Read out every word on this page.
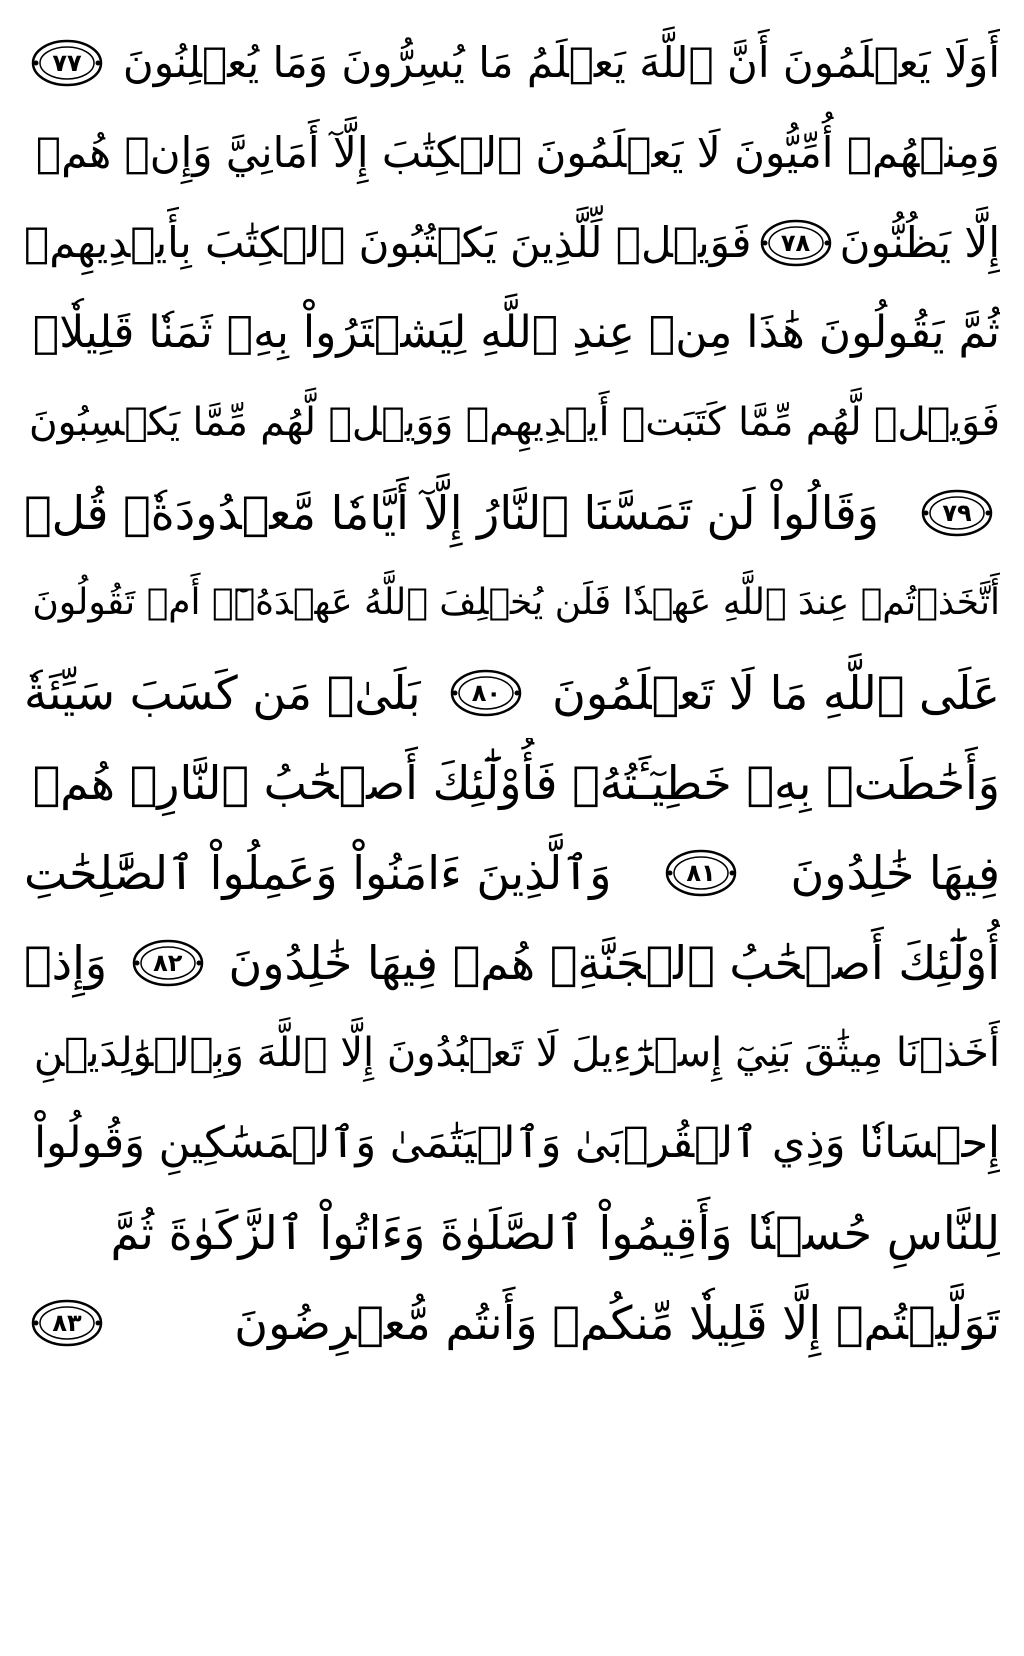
أَوَلَا يَعۡلَمُونَ أَنَّ ٱللَّهَ يَعۡلَمُ مَا يُسِرُّونَ وَمَا يُعۡلِنُونَ
٧٧
وَمِنۡهُمۡ أُمِّيُّونَ لَا يَعۡلَمُونَ ٱلۡكِتَٰبَ إِلَّآ أَمَانِيَّ وَإِنۡ هُمۡ
إِلَّا يَظُنُّونَ
٧٨
فَوَيۡلٞ لِّلَّذِينَ يَكۡتُبُونَ ٱلۡكِتَٰبَ بِأَيۡدِيهِمۡ
ثُمَّ يَقُولُونَ هَٰذَا مِنۡ عِندِ ٱللَّهِ لِيَشۡتَرُواْ بِهِۦ ثَمَنٗا قَلِيلٗاۖ
فَوَيۡلٞ لَّهُم مِّمَّا كَتَبَتۡ أَيۡدِيهِمۡ وَوَيۡلٞ لَّهُم مِّمَّا يَكۡسِبُونَ
٧٩
وَقَالُواْ لَن تَمَسَّنَا ٱلنَّارُ إِلَّآ أَيَّامٗا مَّعۡدُودَةٗۚ قُلۡ
أَتَّخَذۡتُمۡ عِندَ ٱللَّهِ عَهۡدٗا فَلَن يُخۡلِفَ ٱللَّهُ عَهۡدَهُۥٓۖ أَمۡ تَقُولُونَ
عَلَى ٱللَّهِ مَا لَا تَعۡلَمُونَ
٨٠
بَلَىٰۚ مَن كَسَبَ سَيِّئَةٗ
وَأَحَٰطَتۡ بِهِۦ خَطِيٓـَٔتُهُۥ فَأُوْلَٰٓئِكَ أَصۡحَٰبُ ٱلنَّارِۖ هُمۡ
فِيهَا خَٰلِدُونَ
٨١
وَٱلَّذِينَ ءَامَنُواْ وَعَمِلُواْ ٱلصَّٰلِحَٰتِ
أُوْلَٰٓئِكَ أَصۡحَٰبُ ٱلۡجَنَّةِۖ هُمۡ فِيهَا خَٰلِدُونَ
٨٢
وَإِذۡ
أَخَذۡنَا مِيثَٰقَ بَنِيٓ إِسۡرَٰٓءِيلَ لَا تَعۡبُدُونَ إِلَّا ٱللَّهَ وَبِٱلۡوَٰلِدَيۡنِ
إِحۡسَانٗا وَذِي ٱلۡقُرۡبَىٰ وَٱلۡيَتَٰمَىٰ وَٱلۡمَسَٰكِينِ وَقُولُواْ
لِلنَّاسِ حُسۡنٗا وَأَقِيمُواْ ٱلصَّلَوٰةَ وَءَاتُواْ ٱلزَّكَوٰةَ ثُمَّ
تَوَلَّيۡتُمۡ إِلَّا قَلِيلٗا مِّنكُمۡ وَأَنتُم مُّعۡرِضُونَ
٨٣
